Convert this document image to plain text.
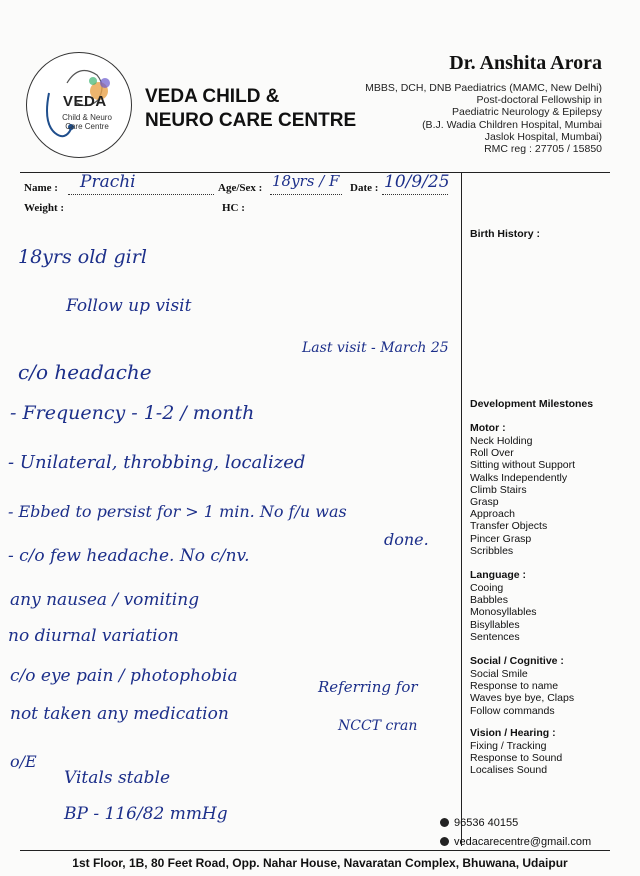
VEDA
Child & Neuro Care Centre
VEDA CHILD &
NEURO CARE CENTRE
Dr. Anshita Arora
MBBS, DCH, DNB Paediatrics (MAMC, New Delhi)
Post-doctoral Fellowship in
Paediatric Neurology & Epilepsy
(B.J. Wadia Children Hospital, Mumbai
Jaslok Hospital, Mumbai)
RMC reg : 27705 / 15850
Name : Prachi	Age/Sex : 18yrs / F Date : 10/9/25
Weight :	HC :
18yrs old girl
Follow up visit
Last visit - March 25
c/o headache
- Frequency - 1-2 / month
- Unilateral, throbbing, localized
- Ebbed to persist for > 1 min. No f/u was
done.
- c/o few headache. No c/nv.
any nausea / vomiting
no diurnal variation
c/o eye pain / photophobia
Referring for
not taken any medication
NCCT cran
o/E
Vitals stable
BP - 116/82 mmHg
Birth History :
Development Milestones
Motor :
Neck Holding
Roll Over
Sitting without Support
Walks Independently
Climb Stairs
Grasp
Approach
Transfer Objects
Pincer Grasp
Scribbles
Language :
Cooing
Babbles
Monosyllables
Bisyllables
Sentences
Social / Cognitive :
Social Smile
Response to name
Waves bye bye, Claps
Follow commands
Vision / Hearing :
Fixing / Tracking
Response to Sound
Localises Sound
96536 40155
vedacarecentre@gmail.com
1st Floor, 1B, 80 Feet Road, Opp. Nahar House, Navaratan Complex, Bhuwana, Udaipur
